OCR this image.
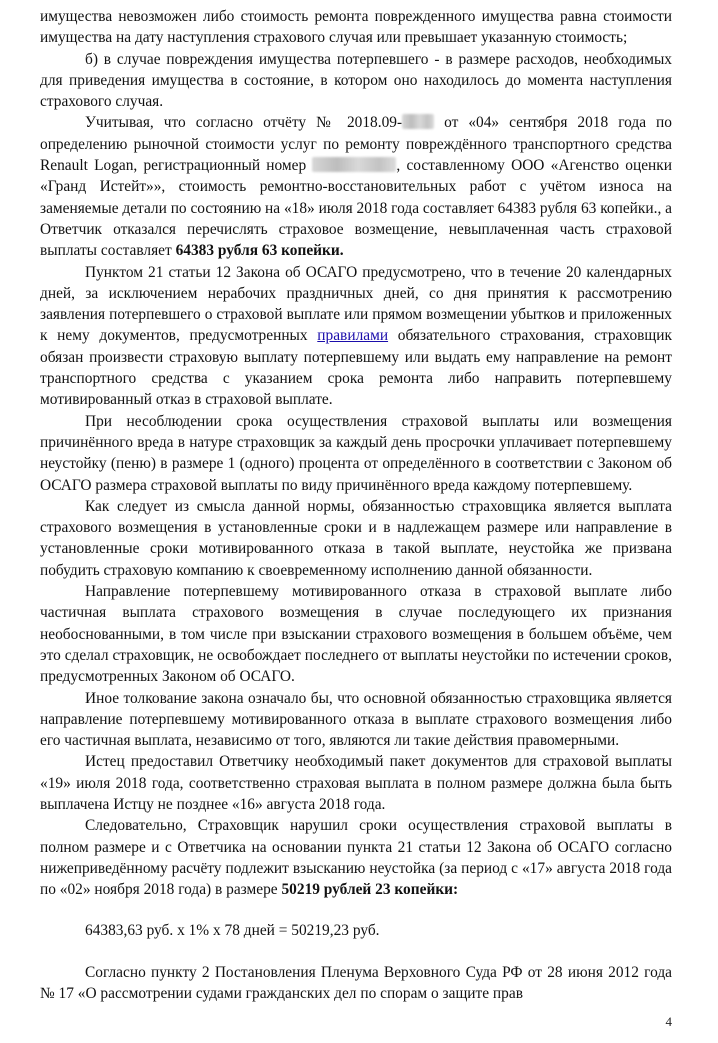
имущества невозможен либо стоимость ремонта поврежденного имущества равна стоимости имущества на дату наступления страхового случая или превышает указанную стоимость;

б) в случае повреждения имущества потерпевшего - в размере расходов, необходимых для приведения имущества в состояние, в котором оно находилось до момента наступления страхового случая.

Учитывая, что согласно отчёту № 2018.09- от «04» сентября 2018 года по определению рыночной стоимости услуг по ремонту повреждённого транспортного средства Renault Logan, регистрационный номер	, составленному ООО «Агенство оценки «Гранд Истейт»», стоимость ремонтно-восстановительных работ с учётом износа на заменяемые детали по состоянию на «18» июля 2018 года составляет 64383 рубля 63 копейки., а Ответчик отказался перечислять страховое возмещение, невыплаченная часть страховой выплаты составляет 64383 рубля 63 копейки.

Пунктом 21 статьи 12 Закона об ОСАГО предусмотрено, что в течение 20 календарных дней, за исключением нерабочих праздничных дней, со дня принятия к рассмотрению заявления потерпевшего о страховой выплате или прямом возмещении убытков и приложенных к нему документов, предусмотренных правилами обязательного страхования, страховщик обязан произвести страховую выплату потерпевшему или выдать ему направление на ремонт транспортного средства с указанием срока ремонта либо направить потерпевшему мотивированный отказ в страховой выплате.

При несоблюдении срока осуществления страховой выплаты или возмещения причинённого вреда в натуре страховщик за каждый день просрочки уплачивает потерпевшему неустойку (пеню) в размере 1 (одного) процента от определённого в соответствии с Законом об ОСАГО размера страховой выплаты по виду причинённого вреда каждому потерпевшему.

Как следует из смысла данной нормы, обязанностью страховщика является выплата страхового возмещения в установленные сроки и в надлежащем размере или направление в установленные сроки мотивированного отказа в такой выплате, неустойка же призвана побудить страховую компанию к своевременному исполнению данной обязанности.

Направление потерпевшему мотивированного отказа в страховой выплате либо частичная выплата страхового возмещения в случае последующего их признания необоснованными, в том числе при взыскании страхового возмещения в большем объёме, чем это сделал страховщик, не освобождает последнего от выплаты неустойки по истечении сроков, предусмотренных Законом об ОСАГО.

Иное толкование закона означало бы, что основной обязанностью страховщика является направление потерпевшему мотивированного отказа в выплате страхового возмещения либо его частичная выплата, независимо от того, являются ли такие действия правомерными.

Истец предоставил Ответчику необходимый пакет документов для страховой выплаты «19» июля 2018 года, соответственно страховая выплата в полном размере должна была быть выплачена Истцу не позднее «16» августа 2018 года.

Следовательно, Страховщик нарушил сроки осуществления страховой выплаты в полном размере и с Ответчика на основании пункта 21 статьи 12 Закона об ОСАГО согласно нижеприведённому расчёту подлежит взысканию неустойка (за период с «17» августа 2018 года по «02» ноября 2018 года) в размере 50219 рублей 23 копейки:

64383,63 руб. х 1% х 78 дней = 50219,23 руб.

Согласно пункту 2 Постановления Пленума Верховного Суда РФ от 28 июня 2012 года № 17 «О рассмотрении судами гражданских дел по спорам о защите прав

4
